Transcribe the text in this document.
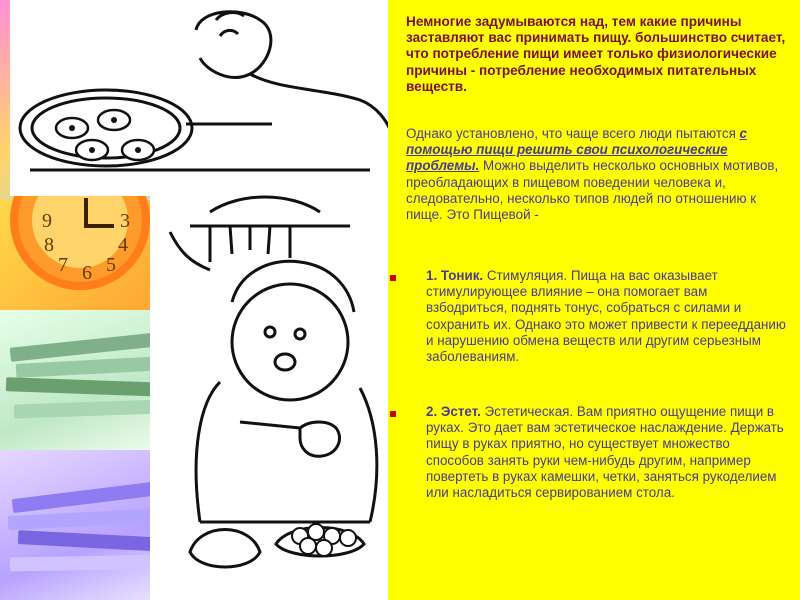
9
8
7 6 5
4
3
Немногие задумываются над, тем какие причины заставляют вас принимать пищу. большинство считает, что потребление пищи имеет только физиологические причины - потребление необходимых питательных веществ.
Однако установлено, что чаще всего люди пытаются с помощью пищи решить свои психологические проблемы. Можно выделить несколько основных мотивов, преобладающих в пищевом поведении человека и, следовательно, несколько типов людей по отношению к пище. Это Пищевой -
1. Тоник. Стимуляция. Пища на вас оказывает стимулирующее влияние – она помогает вам взбодриться, поднять тонус, собраться с силами и сохранить их. Однако это может привести к переедданию и нарушению обмена веществ или другим серьезным заболеваниям.
2. Эстет. Эстетическая. Вам приятно ощущение пищи в руках. Это дает вам эстетическое наслаждение. Держать пищу в руках приятно, но существует множество способов занять руки чем-нибудь другим, например повертеть в руках камешки, четки, заняться рукоделием или насладиться сервированием стола.
